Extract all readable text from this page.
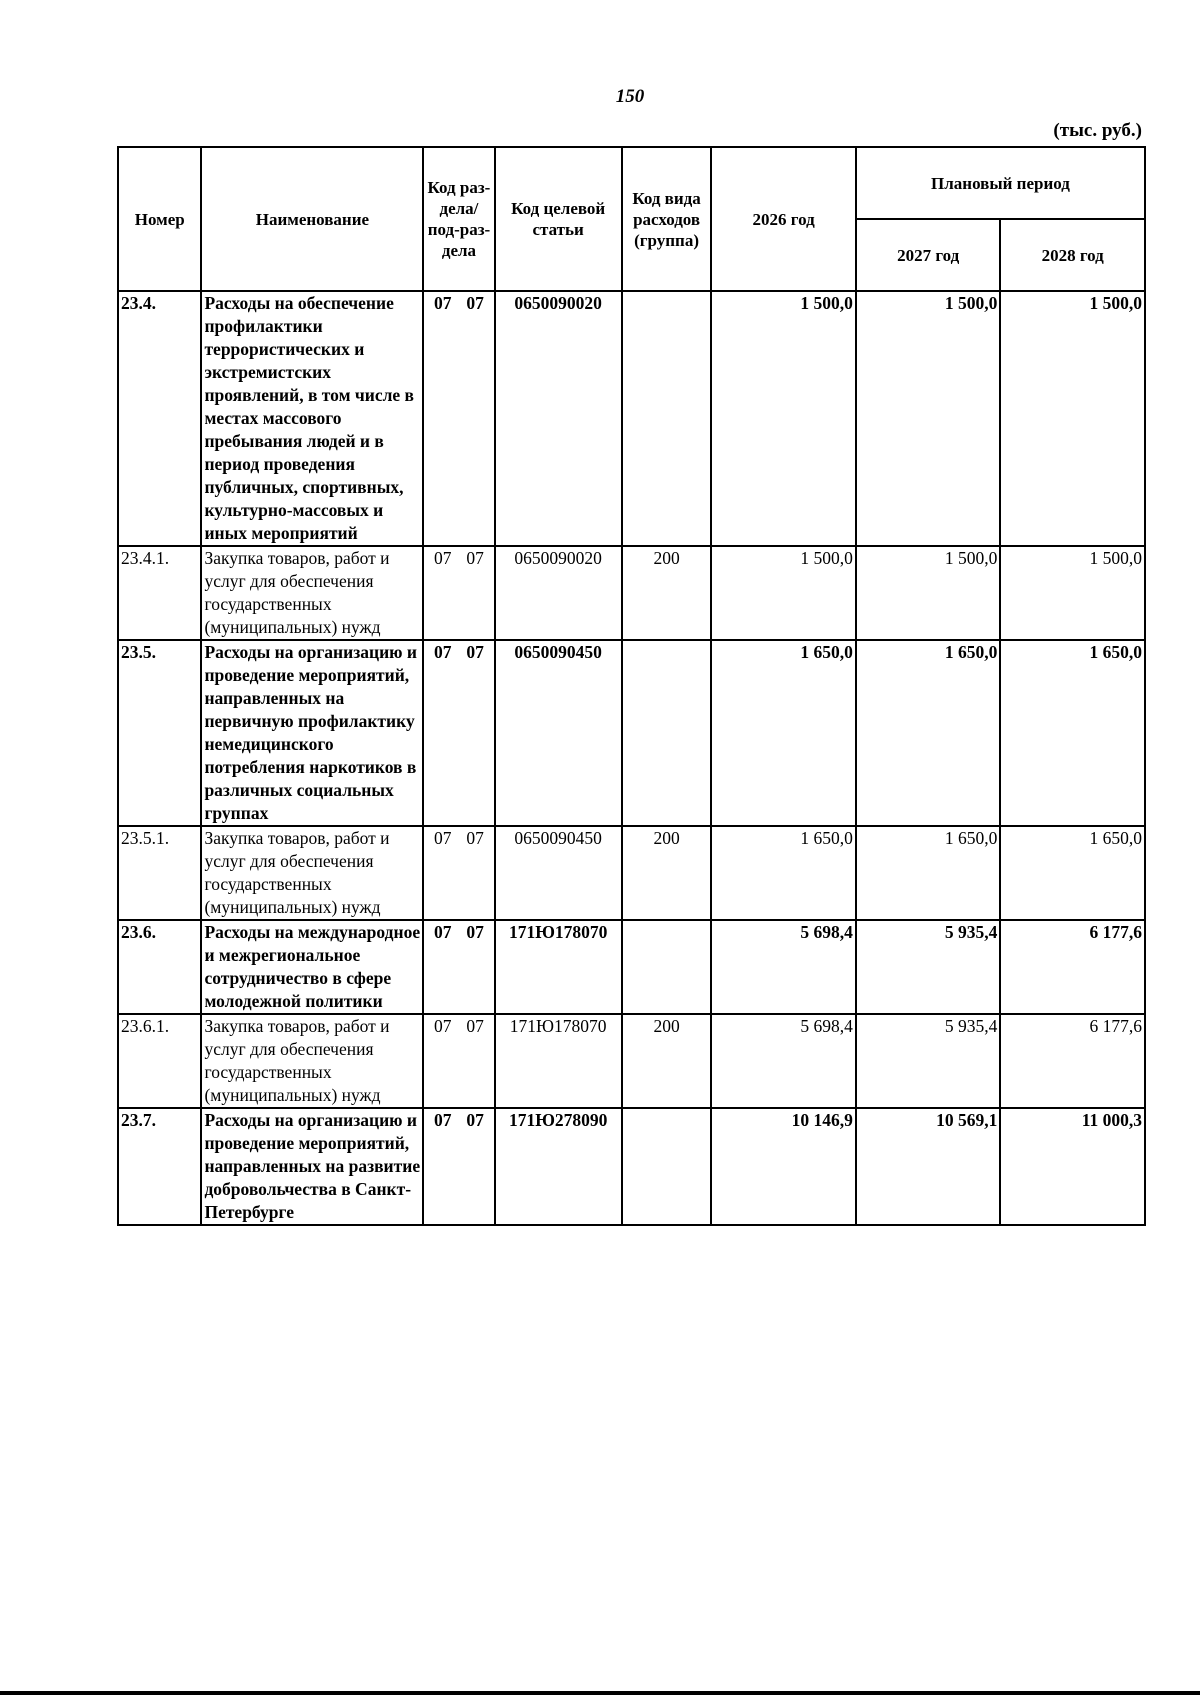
150
(тыс. руб.)
Номер	Наименование	Код раз-дела/ под-раз-дела	Код целевой статьи	Код вида расходов (группа)	2026 год	Плановый период	
						2027 год	2028 год
23.4.	Расходы на обеспечение профилактики террористических и экстремистских проявлений, в том числе в местах массового пребывания людей и в период проведения публичных, спортивных, культурно-массовых и иных мероприятий	07 07	0650090020		1 500,0	1 500,0	1 500,0
23.4.1.	Закупка товаров, работ и услуг для обеспечения государственных (муниципальных) нужд	07 07	0650090020	200	1 500,0	1 500,0	1 500,0
23.5.	Расходы на организацию и проведение мероприятий, направленных на первичную профилактику немедицинского потребления наркотиков в различных социальных группах	07 07	0650090450		1 650,0	1 650,0	1 650,0
23.5.1.	Закупка товаров, работ и услуг для обеспечения государственных (муниципальных) нужд	07 07	0650090450	200	1 650,0	1 650,0	1 650,0
23.6.	Расходы на международное и межрегиональное сотрудничество в сфере молодежной политики	07 07	171Ю178070		5 698,4	5 935,4	6 177,6
23.6.1.	Закупка товаров, работ и услуг для обеспечения государственных (муниципальных) нужд	07 07	171Ю178070	200	5 698,4	5 935,4	6 177,6
23.7.	Расходы на организацию и проведение мероприятий, направленных на развитие добровольчества в Санкт-Петербурге	07 07	171Ю278090		10 146,9	10 569,1	11 000,3
